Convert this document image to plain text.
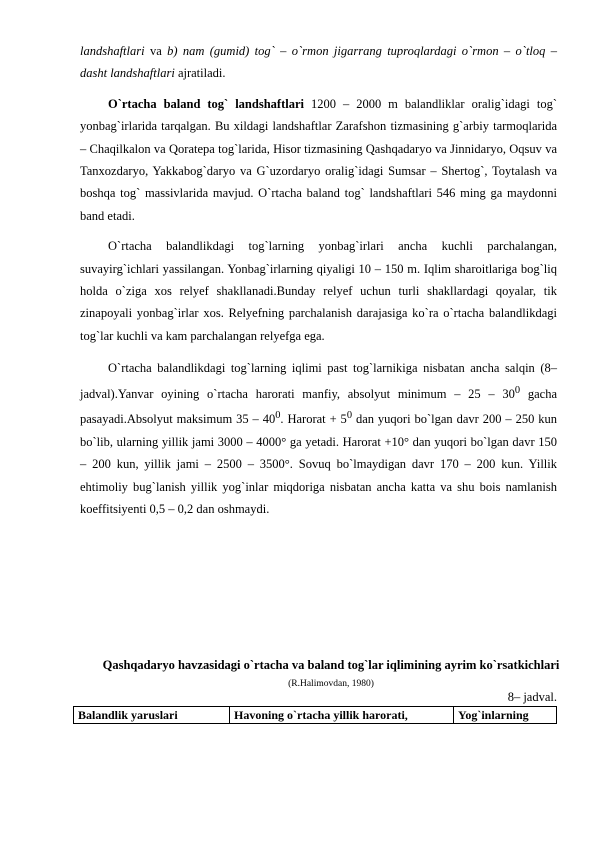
landshaftlari va b) nam (gumid) tog` – o`rmon jigarrang tuproqlardagi o`rmon – o`tloq – dasht landshaftlari ajratiladi.

O`rtacha baland tog` landshaftlari 1200 – 2000 m balandliklar oralig`idagi tog` yonbag`irlarida tarqalgan. Bu xildagi landshaftlar Zarafshon tizmasining g`arbiy tarmoqlarida – Chaqilkalon va Qoratepa tog`larida, Hisor tizmasining Qashqadaryo va Jinnidaryo, Oqsuv va Tanxozdaryo, Yakkabog`daryo va G`uzordaryo oralig`idagi Sumsar – Shertog`, Toytalash va boshqa tog` massivlarida mavjud. O`rtacha baland tog` landshaftlari 546 ming ga maydonni band etadi.

O`rtacha balandlikdagi tog`larning yonbag`irlari ancha kuchli parchalangan, suvayirg`ichlari yassilangan. Yonbag`irlarning qiyaligi 10 – 150 m. Iqlim sharoitlariga bog`liq holda o`ziga xos relyef shakllanadi.Bunday relyef uchun turli shakllardagi qoyalar, tik zinapoyali yonbag`irlar xos. Relyefning parchalanish darajasiga ko`ra o`rtacha balandlikdagi tog`lar kuchli va kam parchalangan relyefga ega.

O`rtacha balandlikdagi tog`larning iqlimi past tog`larnikiga nisbatan ancha salqin (8– jadval).Yanvar oyining o`rtacha harorati manfiy, absolyut minimum – $25 - 30^0$ gacha pasayadi.Absolyut maksimum $35 - 40^0$. Harorat + $5^0$ dan yuqori bo`lgan davr 200 – 250 kun bo`lib, ularning yillik jami 3000 – 4000° ga yetadi. Harorat +10° dan yuqori bo`lgan davr 150 – 200 kun, yillik jami – 2500 – 3500°. Sovuq bo`lmaydigan davr 170 – 200 kun. Yillik ehtimoliy bug`lanish yillik yog`inlar miqdoriga nisbatan ancha katta va shu bois namlanish koeffitsiyenti 0,5 – 0,2 dan oshmaydi.

Qashqadaryo havzasidagi o`rtacha va baland tog`lar iqlimining ayrim ko`rsatkichlari (R.Halimovdan, 1980)
8– jadval.
Balandlik yaruslari	Havoning o`rtacha yillik harorati,	Yog`inlarning
